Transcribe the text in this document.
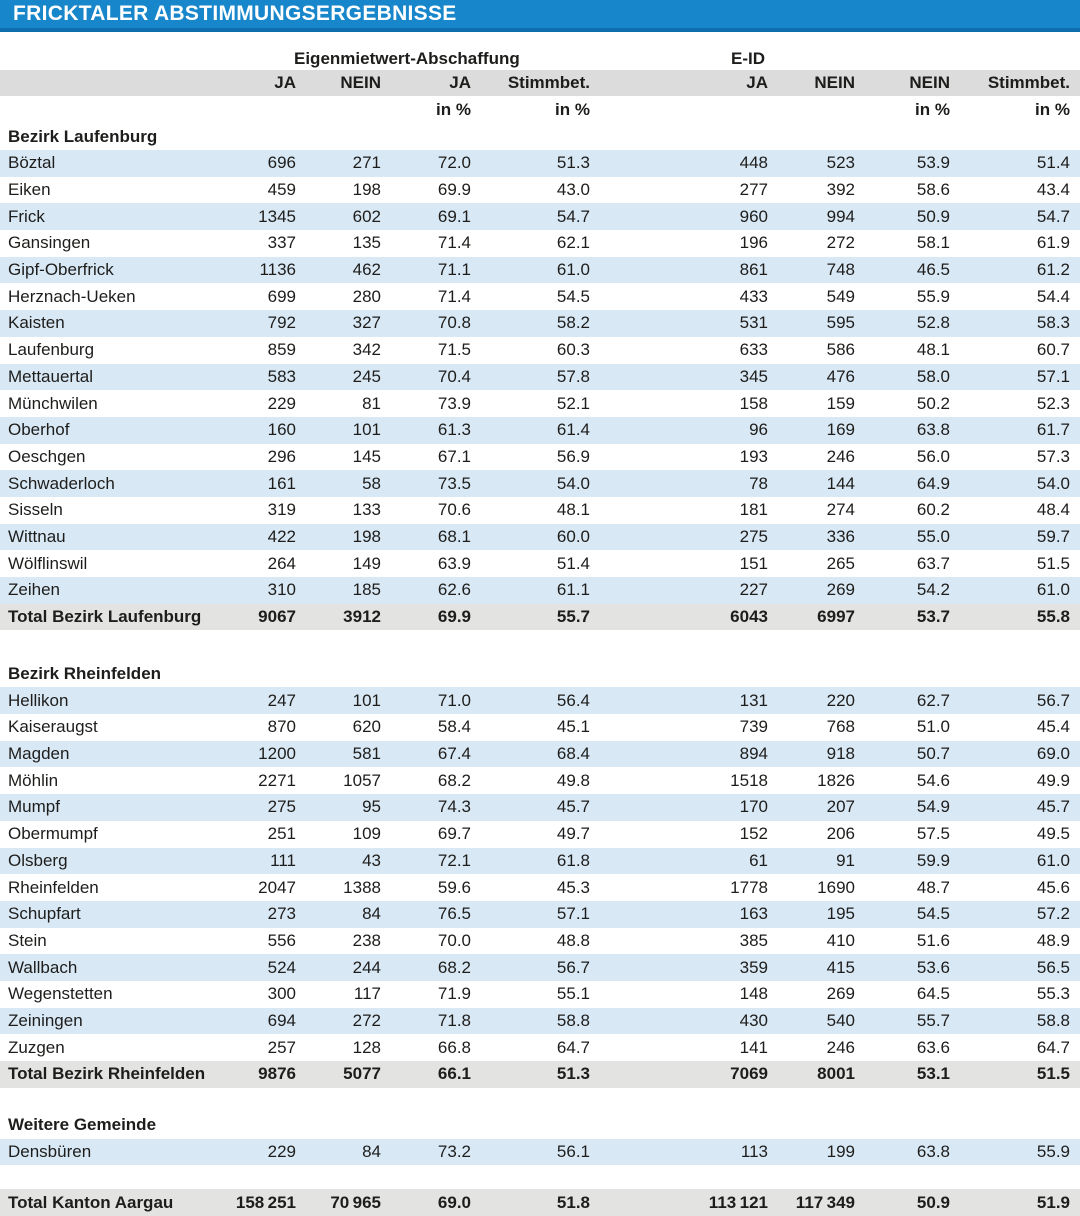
FRICKTALER ABSTIMMUNGSERGEBNISSE
	Eigenmietwert-Abschaffung				E-ID			
	JA	NEIN	JA	Stimmbet.	JA	NEIN	NEIN	Stimmbet.
			in %	in %			in %	in %
Bezirk Laufenburg								
Böztal	696	271	72.0	51.3	448	523	53.9	51.4
Eiken	459	198	69.9	43.0	277	392	58.6	43.4
Frick	1345	602	69.1	54.7	960	994	50.9	54.7
Gansingen	337	135	71.4	62.1	196	272	58.1	61.9
Gipf-Oberfrick	1136	462	71.1	61.0	861	748	46.5	61.2
Herznach-Ueken	699	280	71.4	54.5	433	549	55.9	54.4
Kaisten	792	327	70.8	58.2	531	595	52.8	58.3
Laufenburg	859	342	71.5	60.3	633	586	48.1	60.7
Mettauertal	583	245	70.4	57.8	345	476	58.0	57.1
Münchwilen	229	81	73.9	52.1	158	159	50.2	52.3
Oberhof	160	101	61.3	61.4	96	169	63.8	61.7
Oeschgen	296	145	67.1	56.9	193	246	56.0	57.3
Schwaderloch	161	58	73.5	54.0	78	144	64.9	54.0
Sisseln	319	133	70.6	48.1	181	274	60.2	48.4
Wittnau	422	198	68.1	60.0	275	336	55.0	59.7
Wölflinswil	264	149	63.9	51.4	151	265	63.7	51.5
Zeihen	310	185	62.6	61.1	227	269	54.2	61.0
Total Bezirk Laufenburg	9067	3912	69.9	55.7	6043	6997	53.7	55.8

Bezirk Rheinfelden								
Hellikon	247	101	71.0	56.4	131	220	62.7	56.7
Kaiseraugst	870	620	58.4	45.1	739	768	51.0	45.4
Magden	1200	581	67.4	68.4	894	918	50.7	69.0
Möhlin	2271	1057	68.2	49.8	1518	1826	54.6	49.9
Mumpf	275	95	74.3	45.7	170	207	54.9	45.7
Obermumpf	251	109	69.7	49.7	152	206	57.5	49.5
Olsberg	111	43	72.1	61.8	61	91	59.9	61.0
Rheinfelden	2047	1388	59.6	45.3	1778	1690	48.7	45.6
Schupfart	273	84	76.5	57.1	163	195	54.5	57.2
Stein	556	238	70.0	48.8	385	410	51.6	48.9
Wallbach	524	244	68.2	56.7	359	415	53.6	56.5
Wegenstetten	300	117	71.9	55.1	148	269	64.5	55.3
Zeiningen	694	272	71.8	58.8	430	540	55.7	58.8
Zuzgen	257	128	66.8	64.7	141	246	63.6	64.7
Total Bezirk Rheinfelden	9876	5077	66.1	51.3	7069	8001	53.1	51.5

Weitere Gemeinde								
Densbüren	229	84	73.2	56.1	113	199	63.8	55.9

Total Kanton Aargau	158 251	70 965	69.0	51.8	113 121	117 349	50.9	51.9
